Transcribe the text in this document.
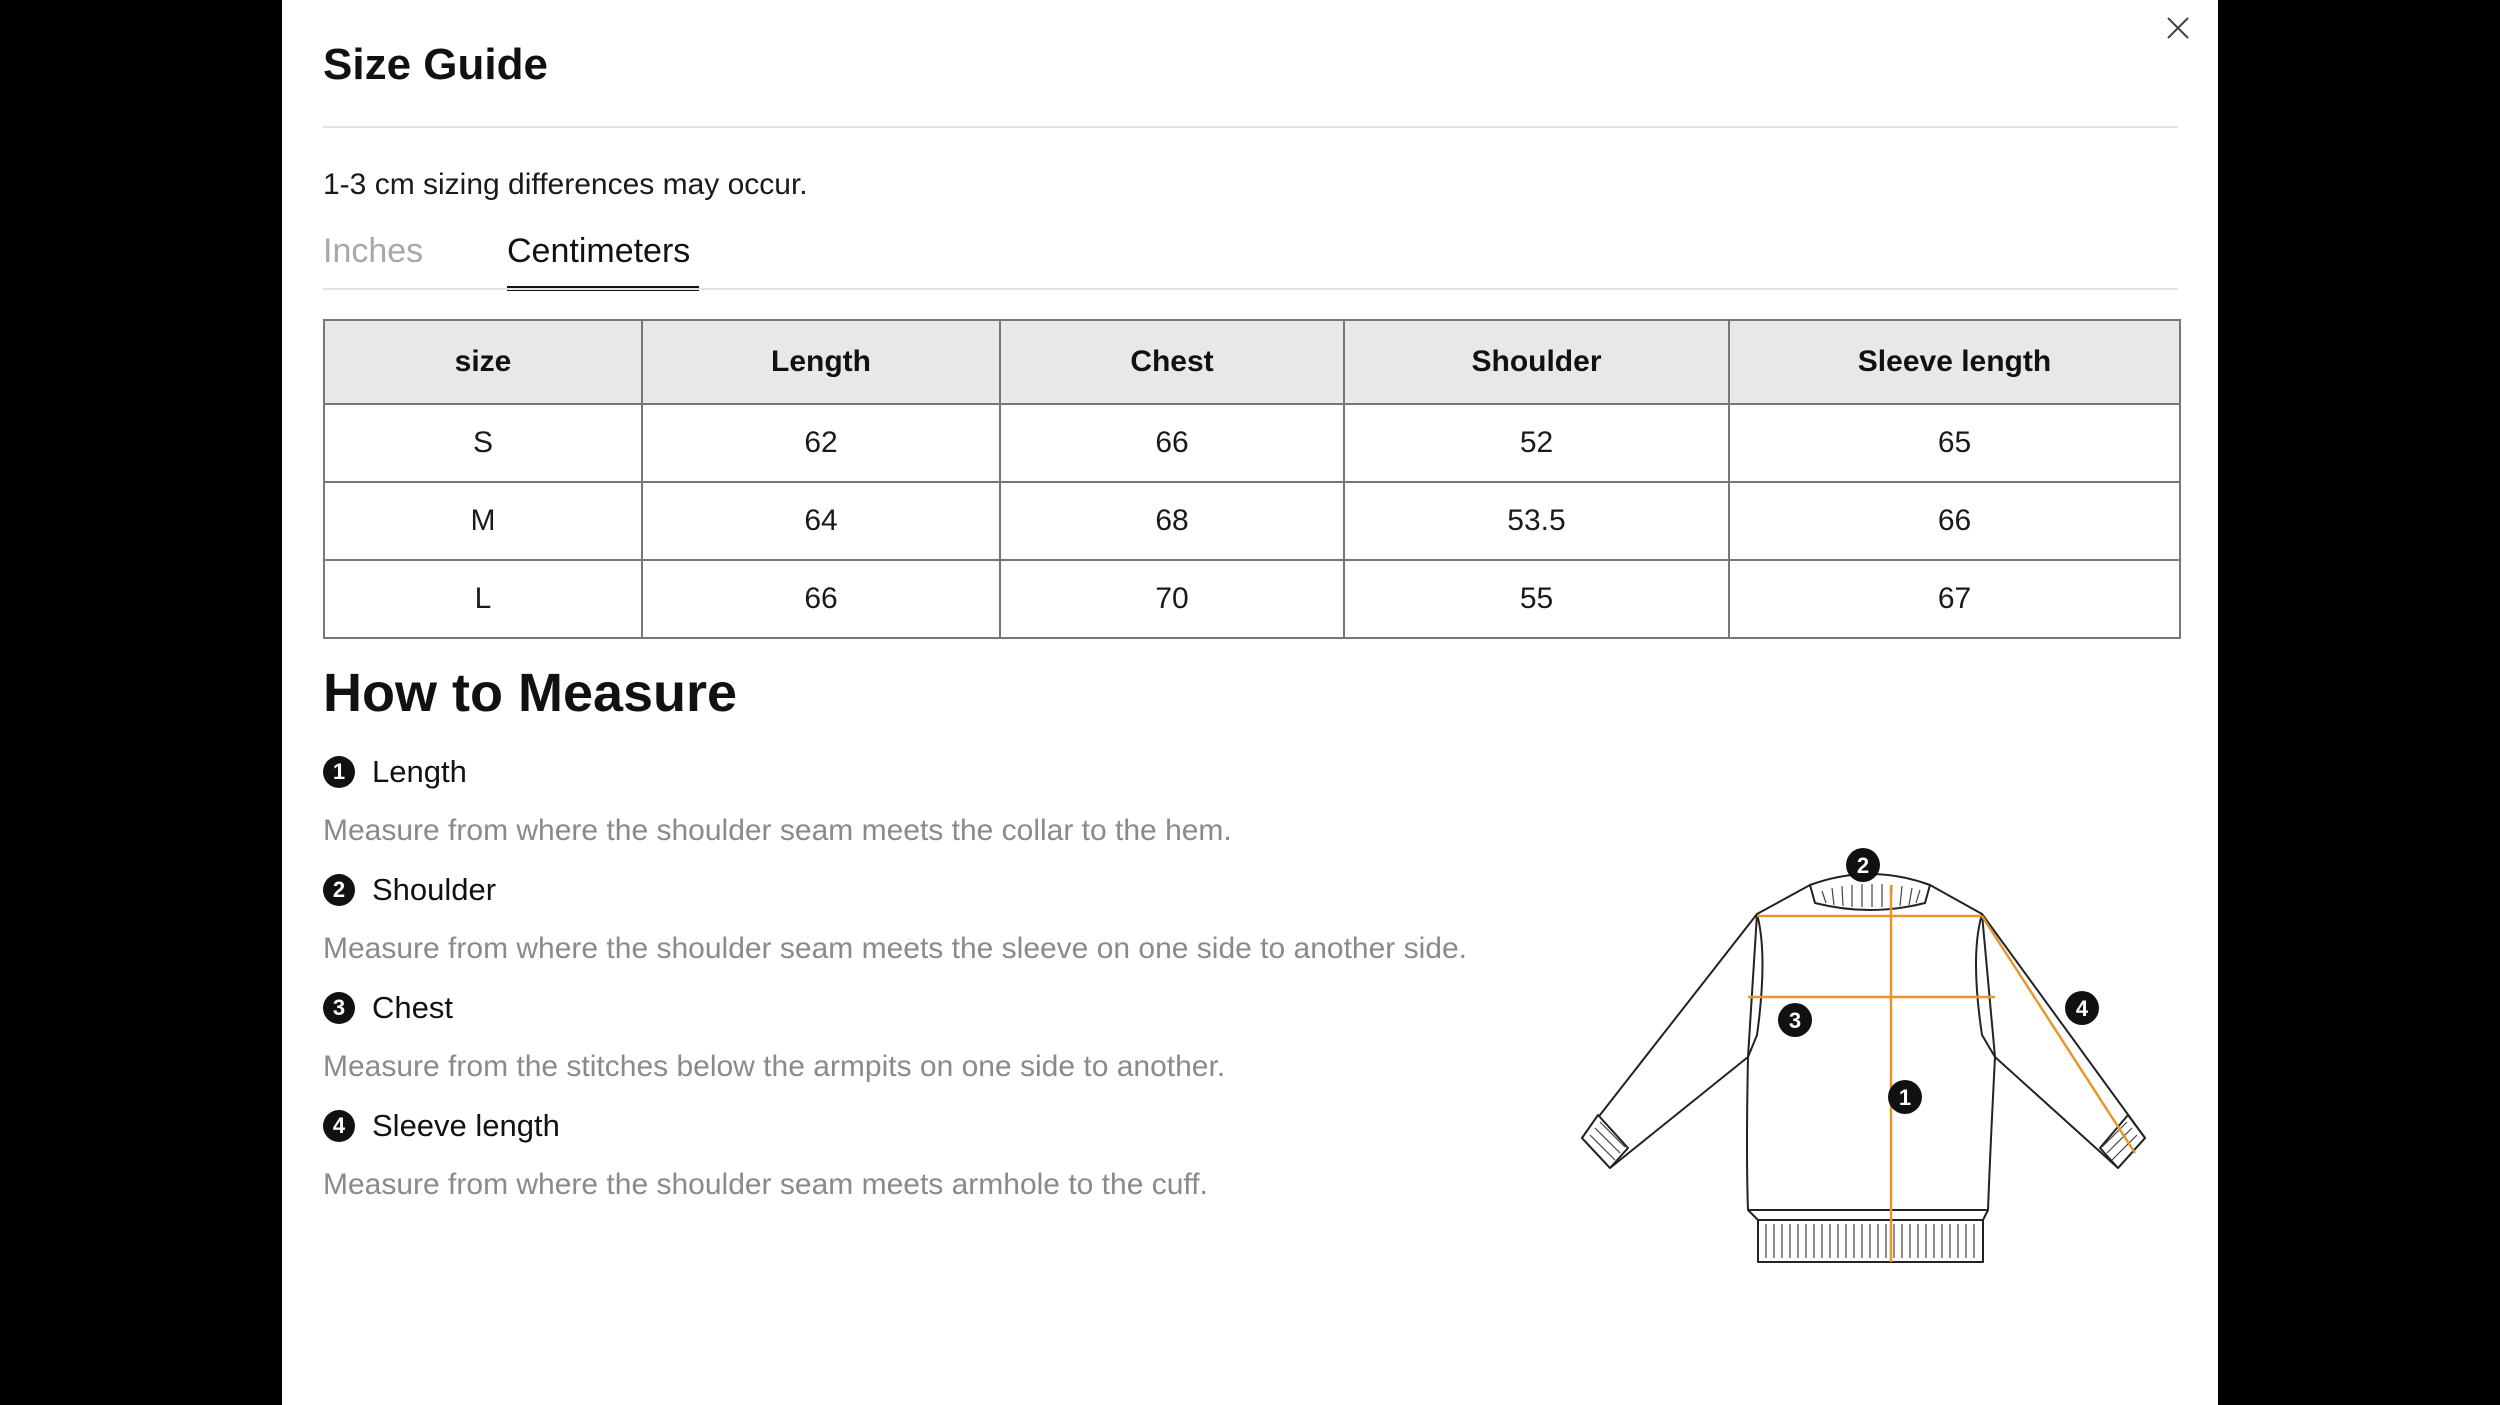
Size Guide
1-3 cm sizing differences may occur.
Inches Centimeters
size	Length	Chest	Shoulder	Sleeve length
S	62	66	52	65
M	64	68	53.5	66
L	66	70	55	67
How to Measure
1 Length
Measure from where the shoulder seam meets the collar to the hem.
2 Shoulder
Measure from where the shoulder seam meets the sleeve on one side to another side.
3 Chest
Measure from the stitches below the armpits on one side to another.
4 Sleeve length
Measure from where the shoulder seam meets armhole to the cuff.
2
3
1
4
